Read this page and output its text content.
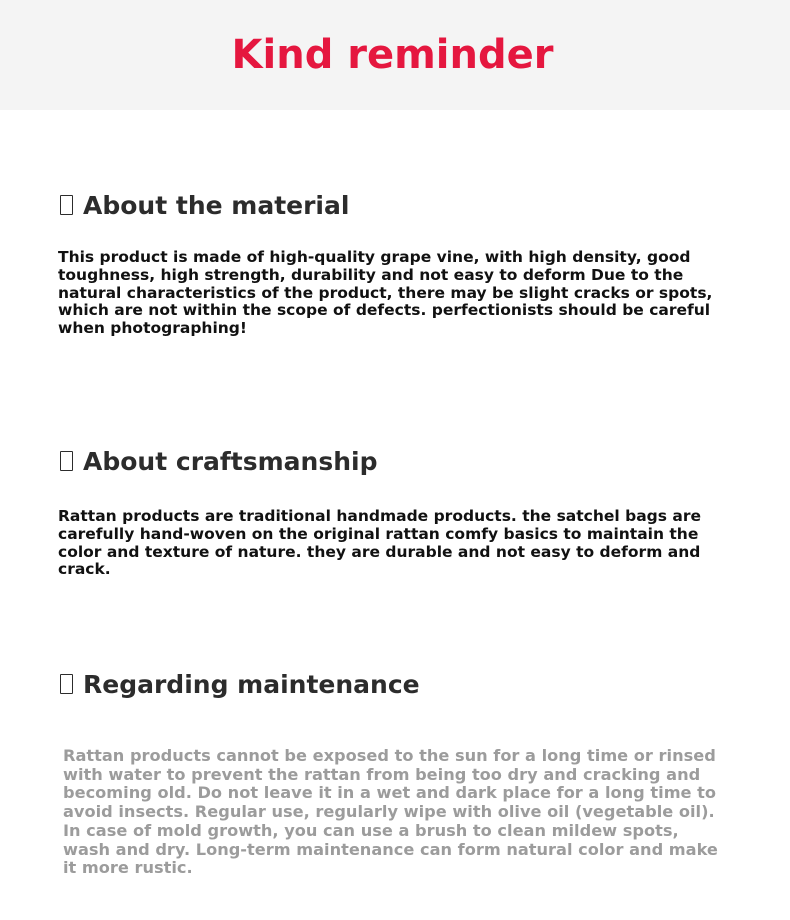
Kind reminder
About the material

This product is made of high-quality grape vine, with high density, good toughness, high strength, durability and not easy to deform Due to the natural characteristics of the product, there may be slight cracks or spots, which are not within the scope of defects. perfectionists should be careful when photographing!

About craftsmanship

Rattan products are traditional handmade products. the satchel bags are carefully hand-woven on the original rattan comfy basics to maintain the color and texture of nature. they are durable and not easy to deform and crack.

Regarding maintenance

Rattan products cannot be exposed to the sun for a long time or rinsed with water to prevent the rattan from being too dry and cracking and becoming old. Do not leave it in a wet and dark place for a long time to avoid insects. Regular use, regularly wipe with olive oil (vegetable oil). In case of mold growth, you can use a brush to clean mildew spots, wash and dry. Long-term maintenance can form natural color and make it more rustic.
